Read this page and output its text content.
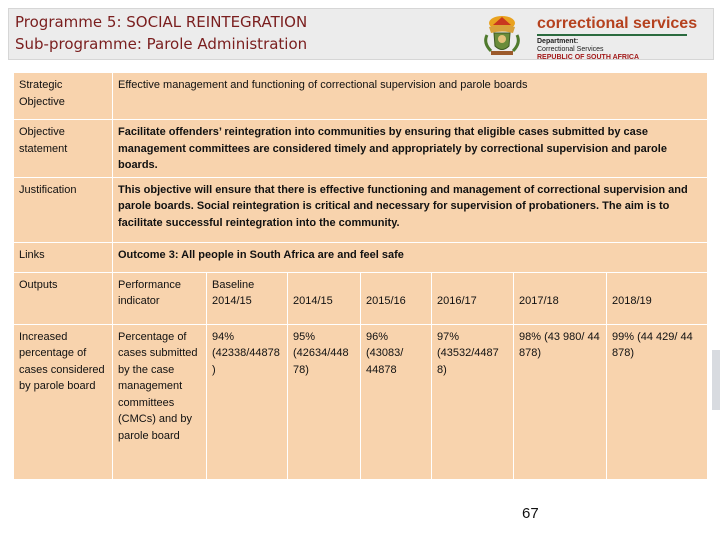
Programme 5: SOCIAL REINTEGRATION
Sub-programme: Parole Administration
correctional services
Department:
Correctional Services
REPUBLIC OF SOUTH AFRICA
Strategic Objective	Effective management and functioning of correctional supervision and parole boards						
Objective statement	Facilitate offenders’ reintegration into communities by ensuring that eligible cases submitted by case management committees are considered timely and appropriately by correctional supervision and parole boards.						
Justification	This objective will ensure that there is effective functioning and management of correctional supervision and parole boards. Social reintegration is critical and necessary for supervision of probationers. The aim is to facilitate successful reintegration into the community.						
Links	Outcome 3: All people in South Africa are and feel safe						
Outputs	Performance indicator	Baseline 2014/15	2014/15	2015/16	2016/17	2017/18	2018/19
Increased percentage of cases considered by parole board	Percentage of cases submitted by the case management committees (CMCs) and by parole board	94% (42338/44878 )	95% (42634/448 78)	96% (43083/ 44878	97% (43532/4487 8)	98% (43 980/ 44 878)	99% (44 429/ 44 878)
67
